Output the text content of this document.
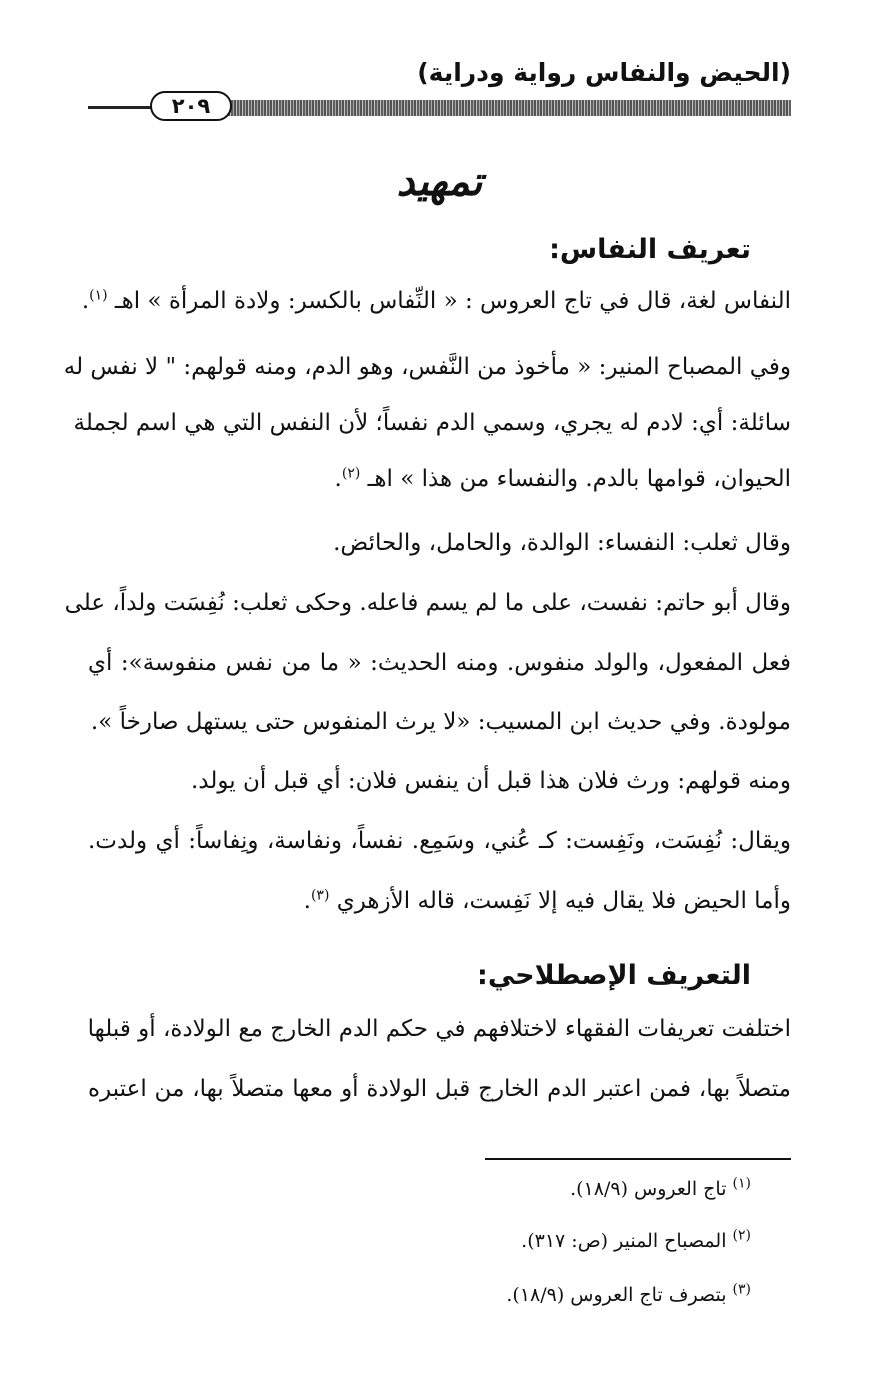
(الحيض والنفاس رواية ودراية)
٢٠٩
تمهيد
تعريف النفاس:
النفاس لغة، قال في تاج العروس : « النِّفاس بالكسر: ولادة المرأة » اهـ $^{(١)}$.
وفي المصباح المنير: « مأخوذ من النَّفس، وهو الدم، ومنه قولهم: " لا نفس له
سائلة: أي: لادم له يجري، وسمي الدم نفساً؛ لأن النفس التي هي اسم لجملة
الحيوان، قوامها بالدم. والنفساء من هذا » اهـ $^{(٢)}$.
وقال ثعلب: النفساء: الوالدة، والحامل، والحائض.
وقال أبو حاتم: نفست، على ما لم يسم فاعله. وحكى ثعلب: نُفِسَت ولداً، على
فعل المفعول، والولد منفوس. ومنه الحديث: « ما من نفس منفوسة»: أي
مولودة. وفي حديث ابن المسيب: «لا يرث المنفوس حتى يستهل صارخاً ».
ومنه قولهم: ورث فلان هذا قبل أن ينفس فلان: أي قبل أن يولد.
ويقال: نُفِسَت، ونَفِست: كـ عُني، وسَمِع. نفساً، ونفاسة، ونِفاساً: أي ولدت.
وأما الحيض فلا يقال فيه إلا نَفِست، قاله الأزهري $^{(٣)}$.
التعريف الإصطلاحي:
اختلفت تعريفات الفقهاء لاختلافهم في حكم الدم الخارج مع الولادة، أو قبلها
متصلاً بها، فمن اعتبر الدم الخارج قبل الولادة أو معها متصلاً بها، من اعتبره
$^{(١)}$ تاج العروس (١٨/٩).
$^{(٢)}$ المصباح المنير (ص: ٣١٧).
$^{(٣)}$ بتصرف تاج العروس (١٨/٩).
